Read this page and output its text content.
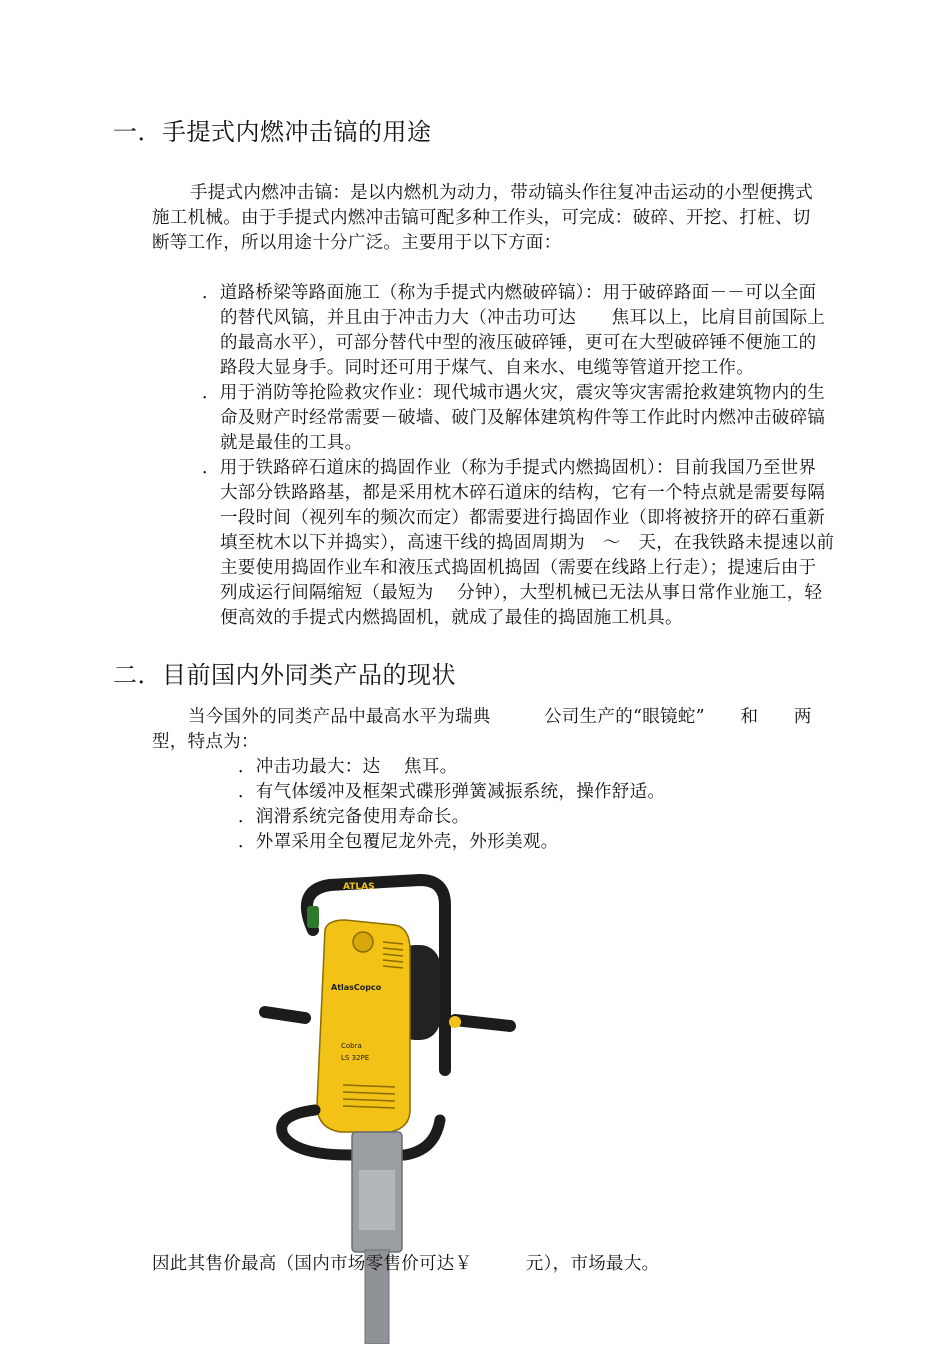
一．手提式内燃冲击镐的用途
手提式内燃冲击镐：是以内燃机为动力，带动镐头作往复冲击运动的小型便携式
施工机械。由于手提式内燃冲击镐可配多种工作头，可完成：破碎、开挖、打桩、切
断等工作，所以用途十分广泛。主要用于以下方面：
．道路桥梁等路面施工（称为手提式内燃破碎镐）：用于破碎路面－－可以全面
的替代风镐，并且由于冲击力大（冲击功可达　　焦耳以上，比肩目前国际上
的最高水平），可部分替代中型的液压破碎锤，更可在大型破碎锤不便施工的
路段大显身手。同时还可用于煤气、自来水、电缆等管道开挖工作。
．用于消防等抢险救灾作业：现代城市遇火灾，震灾等灾害需抢救建筑物内的生
命及财产时经常需要－破墙、破门及解体建筑构件等工作此时内燃冲击破碎镐
就是最佳的工具。
．用于铁路碎石道床的捣固作业（称为手提式内燃捣固机）：目前我国乃至世界
大部分铁路路基，都是采用枕木碎石道床的结构，它有一个特点就是需要每隔
一段时间（视列车的频次而定）都需要进行捣固作业（即将被挤开的碎石重新
填至枕木以下并捣实），高速干线的捣固周期为　～　天，在我铁路未提速以前
主要使用捣固作业车和液压式捣固机捣固（需要在线路上行走）；提速后由于
列成运行间隔缩短（最短为　 分钟），大型机械已无法从事日常作业施工，轻
便高效的手提式内燃捣固机，就成了最佳的捣固施工机具。
二．目前国内外同类产品的现状
当今国外的同类产品中最高水平为瑞典　　　公司生产的“眼镜蛇”　　和　　两
型，特点为：
．冲击功最大：达　 焦耳。
．有气体缓冲及框架式碟形弹簧减振系统，操作舒适。
．润滑系统完备使用寿命长。
．外罩采用全包覆尼龙外壳，外形美观。
ATLAS
AtlasCopco
Cobra
LS 32PE
因此其售价最高（国内市场零售价可达￥　　　元），市场最大。
